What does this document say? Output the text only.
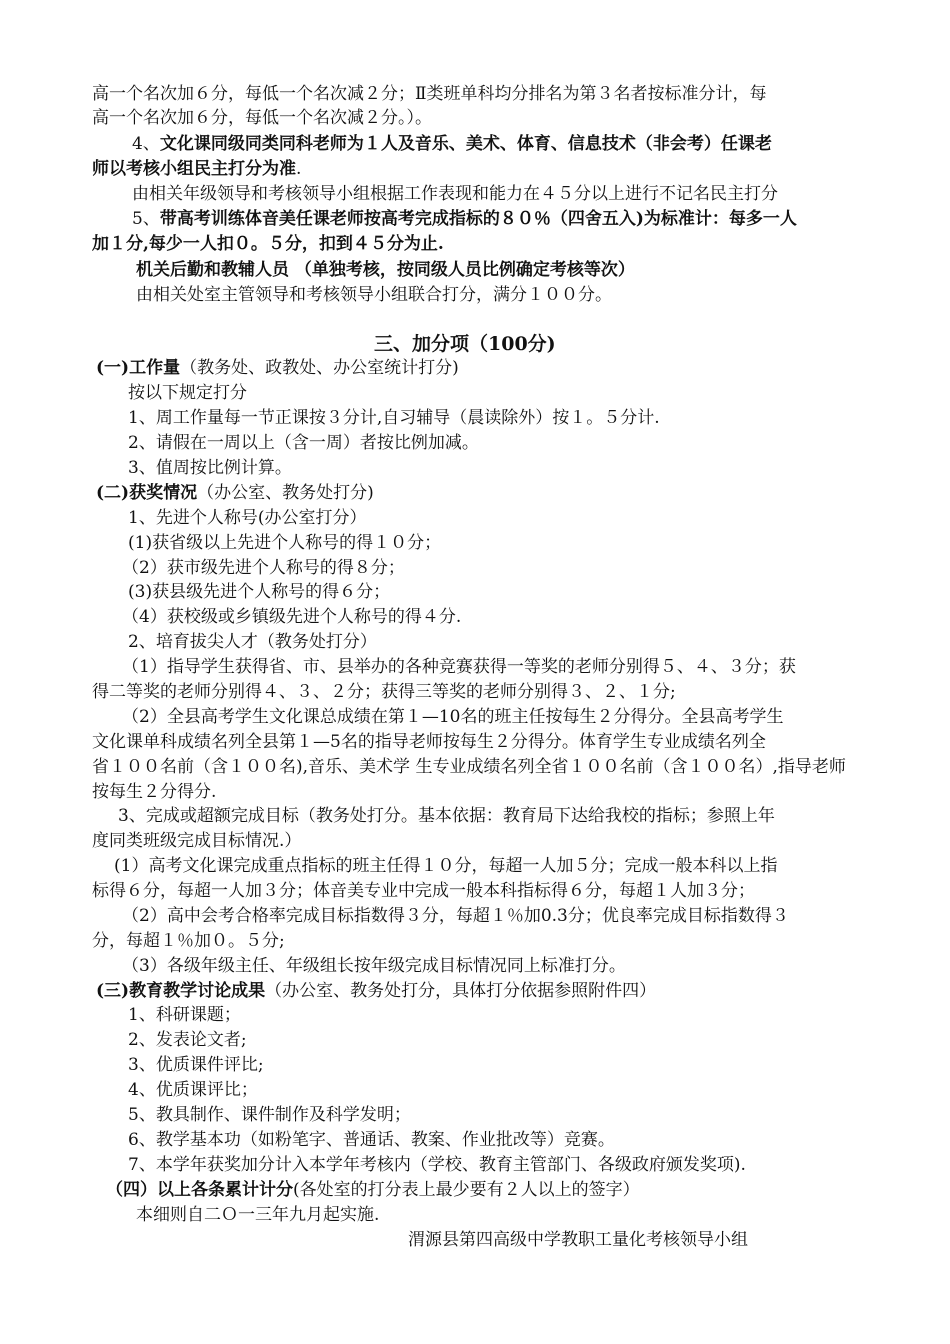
高一个名次加６分，每低一个名次减２分；Ⅱ类班单科均分排名为第３名者按标准分计，每
高一个名次加６分，每低一个名次减２分。）。
4、文化课同级同类同科老师为１人及音乐、美术、体育、信息技术（非会考）任课老
师以考核小组民主打分为准.
由相关年级领导和考核领导小组根据工作表现和能力在４５分以上进行不记名民主打分
5、带高考训练体音美任课老师按高考完成指标的８０％（四舍五入)为标准计：每多一人
加１分,每少一人扣０。５分，扣到４５分为止.
机关后勤和教辅人员 （单独考核，按同级人员比例确定考核等次）
由相关处室主管领导和考核领导小组联合打分，满分１００分。
三、加分项（100分)
(一)工作量（教务处、政教处、办公室统计打分)
按以下规定打分
1、周工作量每一节正课按３分计,自习辅导（晨读除外）按１。５分计.
2、请假在一周以上（含一周）者按比例加减。
3、值周按比例计算。
(二)获奖情况（办公室、教务处打分)
1、先进个人称号(办公室打分）
(1)获省级以上先进个人称号的得１０分；
（2）获市级先进个人称号的得８分；
(3)获县级先进个人称号的得６分；
（4）获校级或乡镇级先进个人称号的得４分.
2、培育拔尖人才（教务处打分）
（1）指导学生获得省、市、县举办的各种竞赛获得一等奖的老师分别得５、４、３分；获
得二等奖的老师分别得４、３、２分；获得三等奖的老师分别得３、２、１分;
（2）全县高考学生文化课总成绩在第１—10名的班主任按每生２分得分。全县高考学生
文化课单科成绩名列全县第１—5名的指导老师按每生２分得分。体育学生专业成绩名列全
省１００名前（含１００名),音乐、美术学 生专业成绩名列全省１００名前（含１００名）,指导老师
按每生２分得分.
3、完成或超额完成目标（教务处打分。基本依据：教育局下达给我校的指标；参照上年
度同类班级完成目标情况.）
(1）高考文化课完成重点指标的班主任得１０分，每超一人加５分；完成一般本科以上指
标得６分，每超一人加３分；体音美专业中完成一般本科指标得６分，每超１人加３分；
（2）高中会考合格率完成目标指数得３分，每超１％加0.3分；优良率完成目标指数得３
分，每超１％加０。５分;
（3）各级年级主任、年级组长按年级完成目标情况同上标准打分。
(三)教育教学讨论成果（办公室、教务处打分，具体打分依据参照附件四）
1、科研课题；
2、发表论文者;
3、优质课件评比;
4、优质课评比；
5、教具制作、课件制作及科学发明；
6、教学基本功（如粉笔字、普通话、教案、作业批改等）竞赛。
7、本学年获奖加分计入本学年考核内（学校、教育主管部门、各级政府颁发奖项).
（四）以上各条累计计分(各处室的打分表上最少要有２人以上的签字）
本细则自二Ｏ一三年九月起实施.
渭源县第四高级中学教职工量化考核领导小组
